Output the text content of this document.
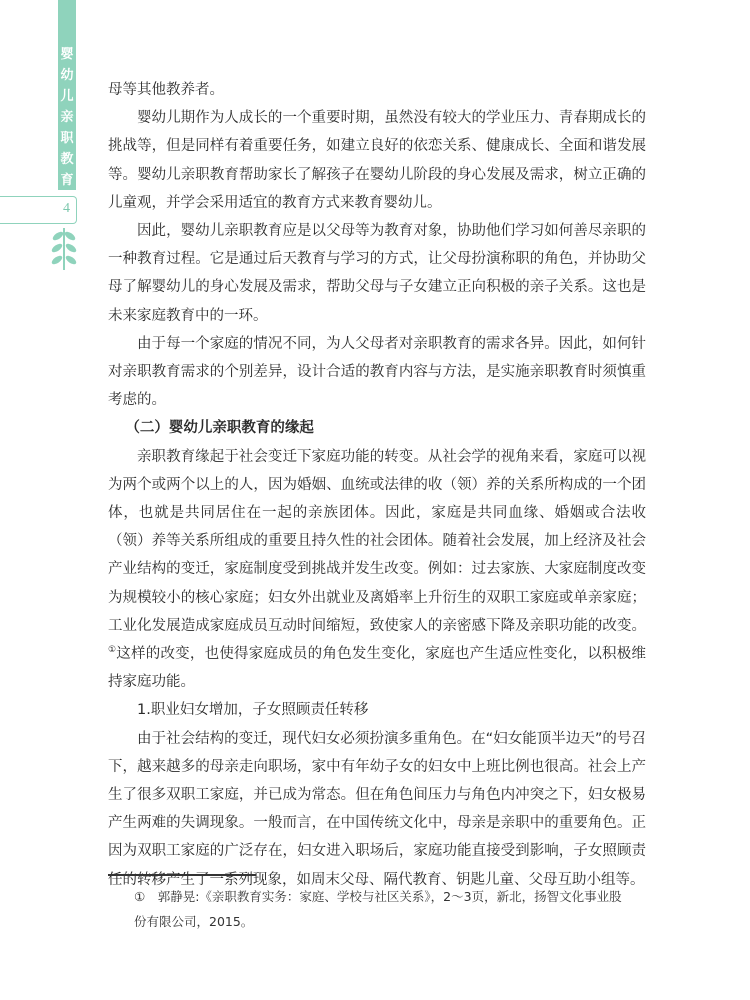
婴幼儿亲职教育
4

母等其他教养者。

婴幼儿期作为人成长的一个重要时期，虽然没有较大的学业压力、青春期成长的挑战等，但是同样有着重要任务，如建立良好的依恋关系、健康成长、全面和谐发展等。婴幼儿亲职教育帮助家长了解孩子在婴幼儿阶段的身心发展及需求，树立正确的儿童观，并学会采用适宜的教育方式来教育婴幼儿。

因此，婴幼儿亲职教育应是以父母等为教育对象，协助他们学习如何善尽亲职的一种教育过程。它是通过后天教育与学习的方式，让父母扮演称职的角色，并协助父母了解婴幼儿的身心发展及需求，帮助父母与子女建立正向积极的亲子关系。这也是未来家庭教育中的一环。

由于每一个家庭的情况不同，为人父母者对亲职教育的需求各异。因此，如何针对亲职教育需求的个别差异，设计合适的教育内容与方法，是实施亲职教育时须慎重考虑的。

（二）婴幼儿亲职教育的缘起

亲职教育缘起于社会变迁下家庭功能的转变。从社会学的视角来看，家庭可以视为两个或两个以上的人，因为婚姻、血统或法律的收（领）养的关系所构成的一个团体，也就是共同居住在一起的亲族团体。因此，家庭是共同血缘、婚姻或合法收（领）养等关系所组成的重要且持久性的社会团体。随着社会发展，加上经济及社会产业结构的变迁，家庭制度受到挑战并发生改变。例如：过去家族、大家庭制度改变为规模较小的核心家庭；妇女外出就业及离婚率上升衍生的双职工家庭或单亲家庭；工业化发展造成家庭成员互动时间缩短，致使家人的亲密感下降及亲职功能的改变。①这样的改变，也使得家庭成员的角色发生变化，家庭也产生适应性变化，以积极维持家庭功能。

1.职业妇女增加，子女照顾责任转移

由于社会结构的变迁，现代妇女必须扮演多重角色。在“妇女能顶半边天”的号召下，越来越多的母亲走向职场，家中有年幼子女的妇女中上班比例也很高。社会上产生了很多双职工家庭，并已成为常态。但在角色间压力与角色内冲突之下，妇女极易产生两难的失调现象。一般而言，在中国传统文化中，母亲是亲职中的重要角色。正因为双职工家庭的广泛存在，妇女进入职场后，家庭功能直接受到影响，子女照顾责任的转移产生了一系列现象，如周末父母、隔代教育、钥匙儿童、父母互助小组等。

①　郭静晃:《亲职教育实务：家庭、学校与社区关系》，2～3页，新北，扬智文化事业股份有限公司，2015。
